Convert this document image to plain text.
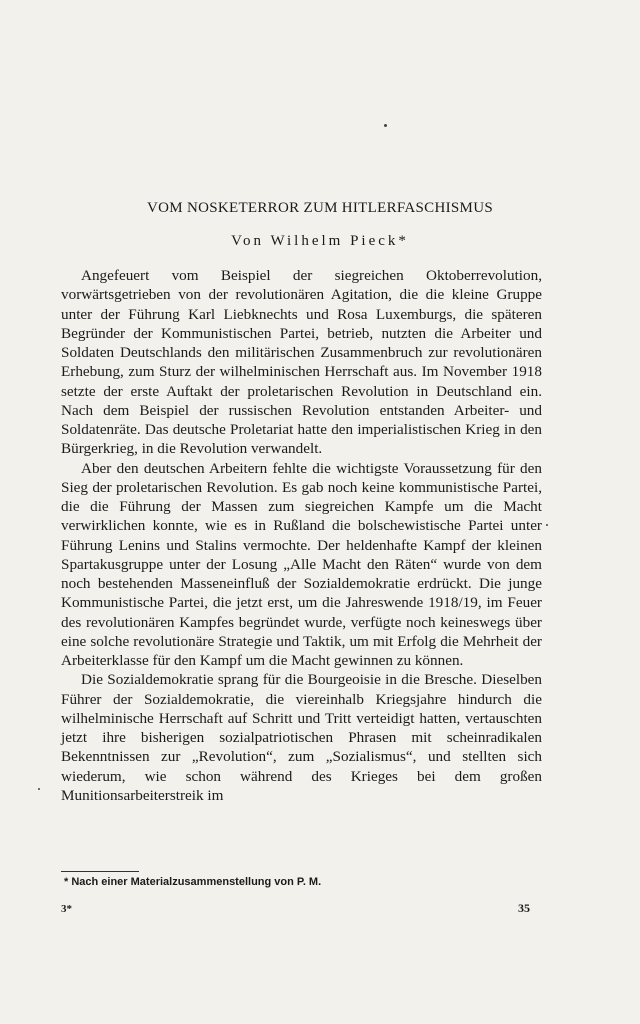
VOM NOSKETERROR ZUM HITLERFASCHISMUS
Von Wilhelm Pieck*

Angefeuert vom Beispiel der siegreichen Oktoberrevolution, vorwärtsgetrieben von der revolutionären Agitation, die die kleine Gruppe unter der Führung Karl Liebknechts und Rosa Luxemburgs, die späteren Begründer der Kommunistischen Partei, betrieb, nutzten die Arbeiter und Soldaten Deutschlands den militärischen Zusammenbruch zur revolutionären Erhebung, zum Sturz der wilhelminischen Herrschaft aus. Im November 1918 setzte der erste Auftakt der proletarischen Revolution in Deutschland ein. Nach dem Beispiel der russischen Revolution entstanden Arbeiter- und Soldatenräte. Das deutsche Proletariat hatte den imperialistischen Krieg in den Bürgerkrieg, in die Revolution verwandelt.

Aber den deutschen Arbeitern fehlte die wichtigste Voraussetzung für den Sieg der proletarischen Revolution. Es gab noch keine kommunistische Partei, die die Führung der Massen zum siegreichen Kampfe um die Macht verwirklichen konnte, wie es in Rußland die bolschewistische Partei unter Führung Lenins und Stalins vermochte. Der heldenhafte Kampf der kleinen Spartakusgruppe unter der Losung „Alle Macht den Räten“ wurde von dem noch bestehenden Masseneinfluß der Sozialdemokratie erdrückt. Die junge Kommunistische Partei, die jetzt erst, um die Jahreswende 1918/19, im Feuer des revolutionären Kampfes begründet wurde, verfügte noch keineswegs über eine solche revolutionäre Strategie und Taktik, um mit Erfolg die Mehrheit der Arbeiterklasse für den Kampf um die Macht gewinnen zu können.

Die Sozialdemokratie sprang für die Bourgeoisie in die Bresche. Dieselben Führer der Sozialdemokratie, die viereinhalb Kriegsjahre hindurch die wilhelminische Herrschaft auf Schritt und Tritt verteidigt hatten, vertauschten jetzt ihre bisherigen sozialpatriotischen Phrasen mit scheinradikalen Bekenntnissen zur „Revolution“, zum „Sozialismus“, und stellten sich wiederum, wie schon während des Krieges bei dem großen Munitionsarbeiterstreik im

* Nach einer Materialzusammenstellung von P. M.
3*	35
